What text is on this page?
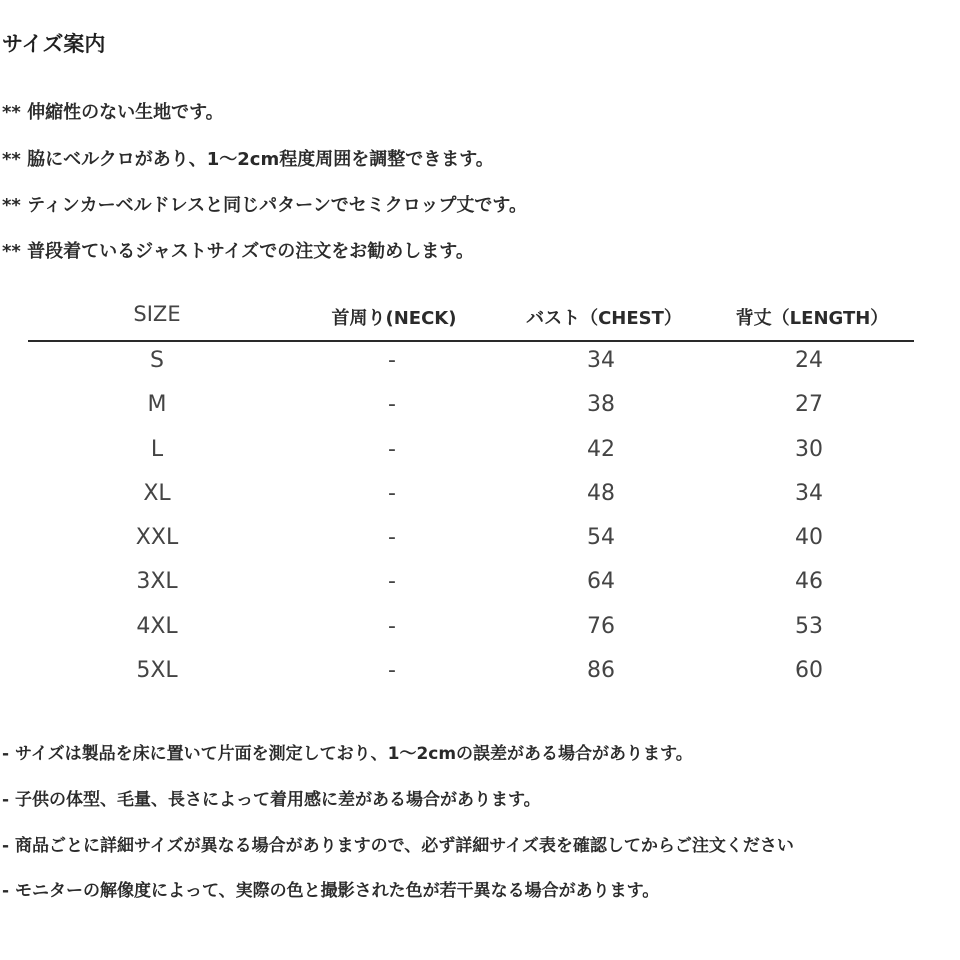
サイズ案内
** 伸縮性のない生地です。
** 脇にベルクロがあり、1～2cm程度周囲を調整できます。
** ティンカーベルドレスと同じパターンでセミクロップ丈です。
** 普段着ているジャストサイズでの注文をお勧めします。
SIZE	首周り(NECK)	バスト（CHEST）	背丈（LENGTH）
S	-	34	24
M	-	38	27
L	-	42	30
XL	-	48	34
XXL	-	54	40
3XL	-	64	46
4XL	-	76	53
5XL	-	86	60
- サイズは製品を床に置いて片面を測定しており、1～2cmの誤差がある場合があります。
- 子供の体型、毛量、長さによって着用感に差がある場合があります。
- 商品ごとに詳細サイズが異なる場合がありますので、必ず詳細サイズ表を確認してからご注文ください
- モニターの解像度によって、実際の色と撮影された色が若干異なる場合があります。
